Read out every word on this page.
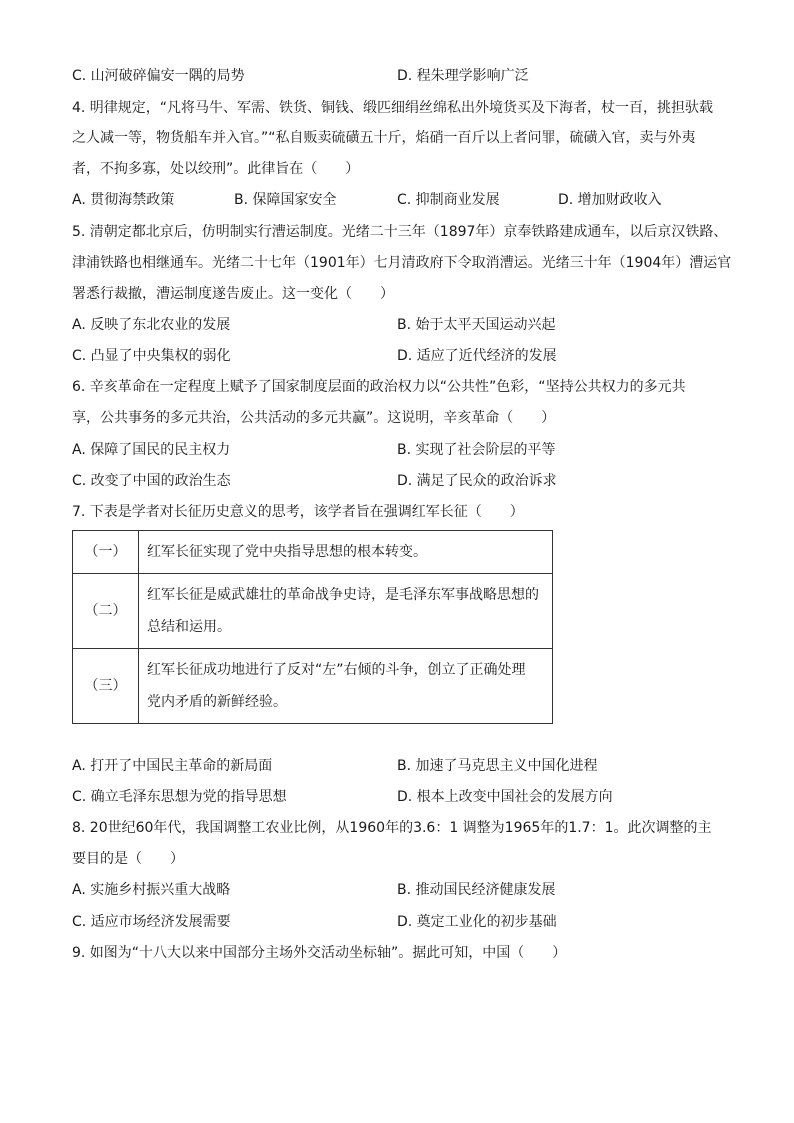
C. 山河破碎偏安一隅的局势	D. 程朱理学影响广泛
4. 明律规定，“凡将马牛、军需、铁货、铜钱、缎匹细绢丝绵私出外境货买及下海者，杖一百，挑担驮载
之人减一等，物货船车并入官。”“私自贩卖硫磺五十斤，焰硝一百斤以上者问罪，硫磺入官，卖与外夷
者，不拘多寡，处以绞刑”。此律旨在（　　）
A. 贯彻海禁政策	B. 保障国家安全	C. 抑制商业发展	D. 增加财政收入
5. 清朝定都北京后，仿明制实行漕运制度。光绪二十三年（1897年）京奉铁路建成通车，以后京汉铁路、
津浦铁路也相继通车。光绪二十七年（1901年）七月清政府下令取消漕运。光绪三十年（1904年）漕运官
署悉行裁撤，漕运制度遂告废止。这一变化（　　）
A. 反映了东北农业的发展	B. 始于太平天国运动兴起
C. 凸显了中央集权的弱化	D. 适应了近代经济的发展
6. 辛亥革命在一定程度上赋予了国家制度层面的政治权力以“公共性”色彩，“坚持公共权力的多元共
享，公共事务的多元共治，公共活动的多元共赢”。这说明，辛亥革命（　　）
A. 保障了国民的民主权力	B. 实现了社会阶层的平等
C. 改变了中国的政治生态	D. 满足了民众的政治诉求
7. 下表是学者对长征历史意义的思考，该学者旨在强调红军长征（　　）
（一）	红军长征实现了党中央指导思想的根本转变。

（二）	红军长征是威武雄壮的革命战争史诗，是毛泽东军事战略思想的
总结和运用。

（三）	红军长征成功地进行了反对“左”右倾的斗争，创立了正确处理
党内矛盾的新鲜经验。
A. 打开了中国民主革命的新局面	B. 加速了马克思主义中国化进程
C. 确立毛泽东思想为党的指导思想	D. 根本上改变中国社会的发展方向
8. 20世纪60年代，我国调整工农业比例，从1960年的3.6：1 调整为1965年的1.7：1。此次调整的主
要目的是（　　）
A. 实施乡村振兴重大战略	B. 推动国民经济健康发展
C. 适应市场经济发展需要	D. 奠定工业化的初步基础
9. 如图为“十八大以来中国部分主场外交活动坐标轴”。据此可知，中国（　　）
